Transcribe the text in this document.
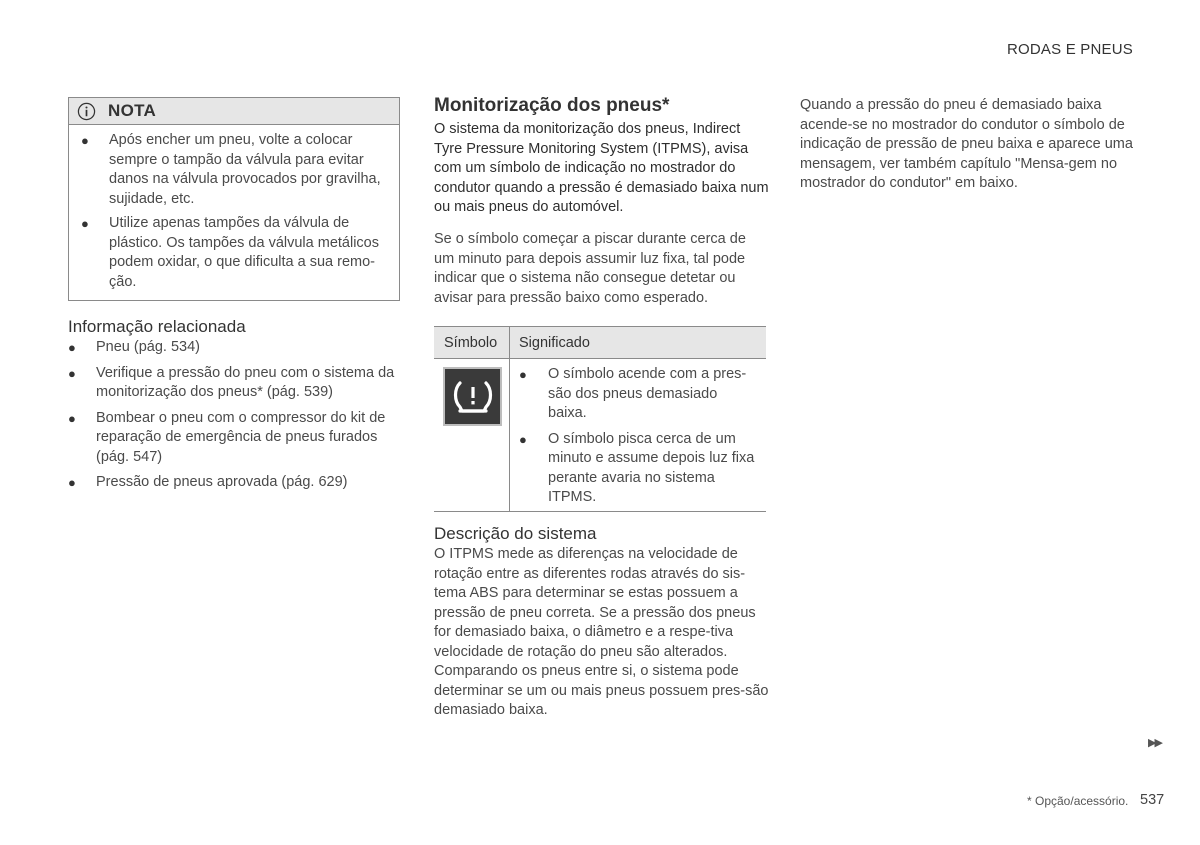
RODAS E PNEUS
NOTA
● Após encher um pneu, volte a colocar sempre o tampão da válvula para evitar danos na válvula provocados por gravilha, sujidade, etc.
● Utilize apenas tampões da válvula de plástico. Os tampões da válvula metálicos podem oxidar, o que dificulta a sua remo-ção.
Informação relacionada
● Pneu (pág. 534)
● Verifique a pressão do pneu com o sistema da monitorização dos pneus* (pág. 539)
● Bombear o pneu com o compressor do kit de reparação de emergência de pneus furados (pág. 547)
● Pressão de pneus aprovada (pág. 629)
Monitorização dos pneus*

O sistema da monitorização dos pneus, Indirect Tyre Pressure Monitoring System (ITPMS), avisa com um símbolo de indicação no mostrador do condutor quando a pressão é demasiado baixa num ou mais pneus do automóvel.

Se o símbolo começar a piscar durante cerca de um minuto para depois assumir luz fixa, tal pode indicar que o sistema não consegue detetar ou avisar para pressão baixo como esperado.

Símbolo	Significado
● O símbolo acende com a pres-são dos pneus demasiado baixa.
● O símbolo pisca cerca de um minuto e assume depois luz fixa perante avaria no sistema ITPMS.
Descrição do sistema

O ITPMS mede as diferenças na velocidade de rotação entre as diferentes rodas através do sis-tema ABS para determinar se estas possuem a pressão de pneu correta. Se a pressão dos pneus for demasiado baixa, o diâmetro e a respe-tiva velocidade de rotação do pneu são alterados. Comparando os pneus entre si, o sistema pode determinar se um ou mais pneus possuem pres-são demasiado baixa.

Quando a pressão do pneu é demasiado baixa acende-se no mostrador do condutor o símbolo de indicação de pressão de pneu baixa e aparece uma mensagem, ver também capítulo "Mensa-gem no mostrador do condutor" em baixo.

▶▶
* Opção/acessório. 537
